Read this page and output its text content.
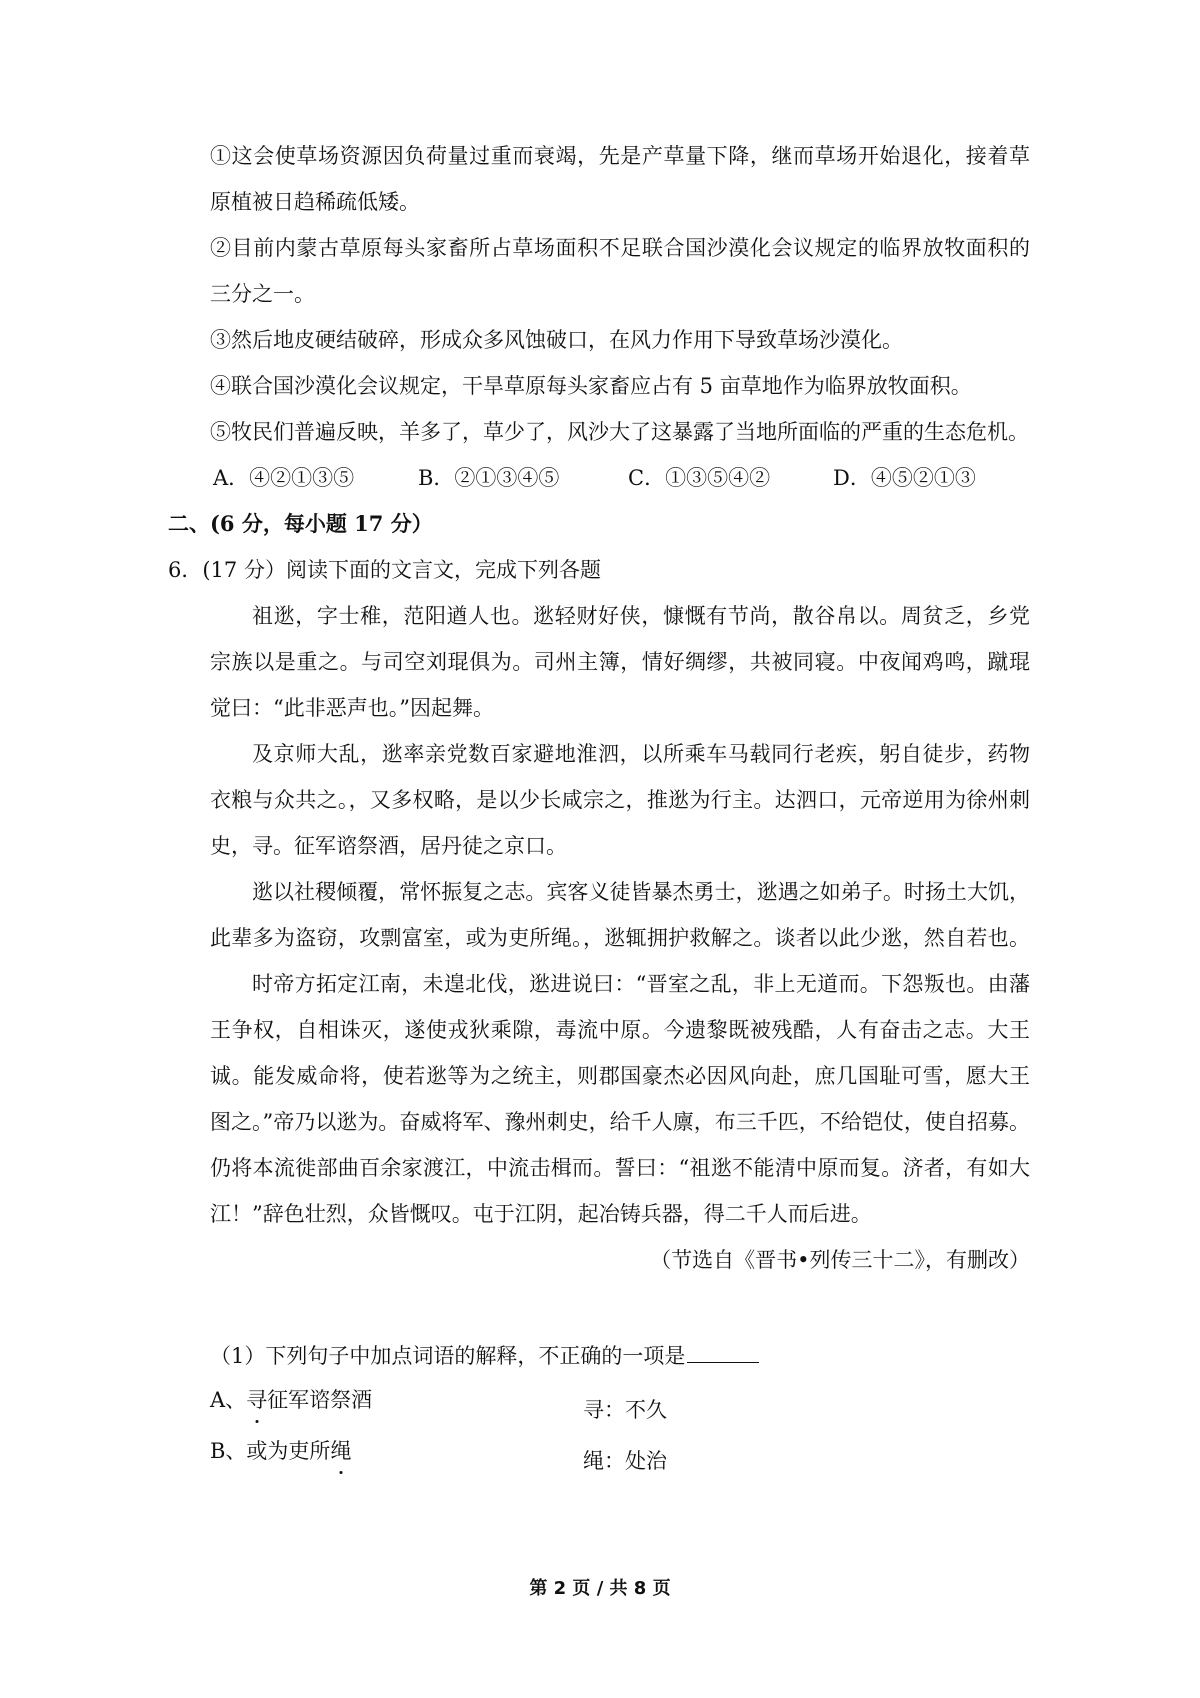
①这会使草场资源因负荷量过重而衰竭，先是产草量下降，继而草场开始退化，接着草
原植被日趋稀疏低矮。
②目前内蒙古草原每头家畜所占草场面积不足联合国沙漠化会议规定的临界放牧面积的
三分之一。
③然后地皮硬结破碎，形成众多风蚀破口，在风力作用下导致草场沙漠化。
④联合国沙漠化会议规定，干旱草原每头家畜应占有 5 亩草地作为临界放牧面积。
⑤牧民们普遍反映，羊多了，草少了，风沙大了这暴露了当地所面临的严重的生态危机。
A．④②①③⑤	B．②①③④⑤	C．①③⑤④②	D．④⑤②①③
二、(6 分，每小题 17 分）
6．(17 分）阅读下面的文言文，完成下列各题
祖逖，字士稚，范阳遒人也。逖轻财好侠，慷慨有节尚，散谷帛以。周贫乏，乡党
宗族以是重之。与司空刘琨俱为。司州主簿，情好绸缪，共被同寝。中夜闻鸡鸣，蹴琨
觉曰：“此非恶声也。”因起舞。
及京师大乱，逖率亲党数百家避地淮泗，以所乘车马载同行老疾，躬自徒步，药物
衣粮与众共之。，又多权略，是以少长咸宗之，推逖为行主。达泗口，元帝逆用为徐州刺
史，寻。征军谘祭酒，居丹徒之京口。
逖以社稷倾覆，常怀振复之志。宾客义徒皆暴杰勇士，逖遇之如弟子。时扬土大饥，
此辈多为盗窃，攻剽富室，或为吏所绳。，逖辄拥护救解之。谈者以此少逖，然自若也。
时帝方拓定江南，未遑北伐，逖进说曰：“晋室之乱，非上无道而。下怨叛也。由藩
王争权，自相诛灭，遂使戎狄乘隙，毒流中原。今遗黎既被残酷，人有奋击之志。大王
诚。能发威命将，使若逖等为之统主，则郡国豪杰必因风向赴，庶几国耻可雪，愿大王
图之。”帝乃以逖为。奋威将军、豫州刺史，给千人廪，布三千匹，不给铠仗，使自招募。
仍将本流徙部曲百余家渡江，中流击楫而。誓曰：“祖逖不能清中原而复。济者，有如大
江！”辞色壮烈，众皆慨叹。屯于江阴，起冶铸兵器，得二千人而后进。
（节选自《晋书•列传三十二》，有删改）
（1）下列句子中加点词语的解释，不正确的一项是
A、寻征军谘祭酒	寻：不久
B、或为吏所绳	绳：处治
第 2 页 / 共 8 页
